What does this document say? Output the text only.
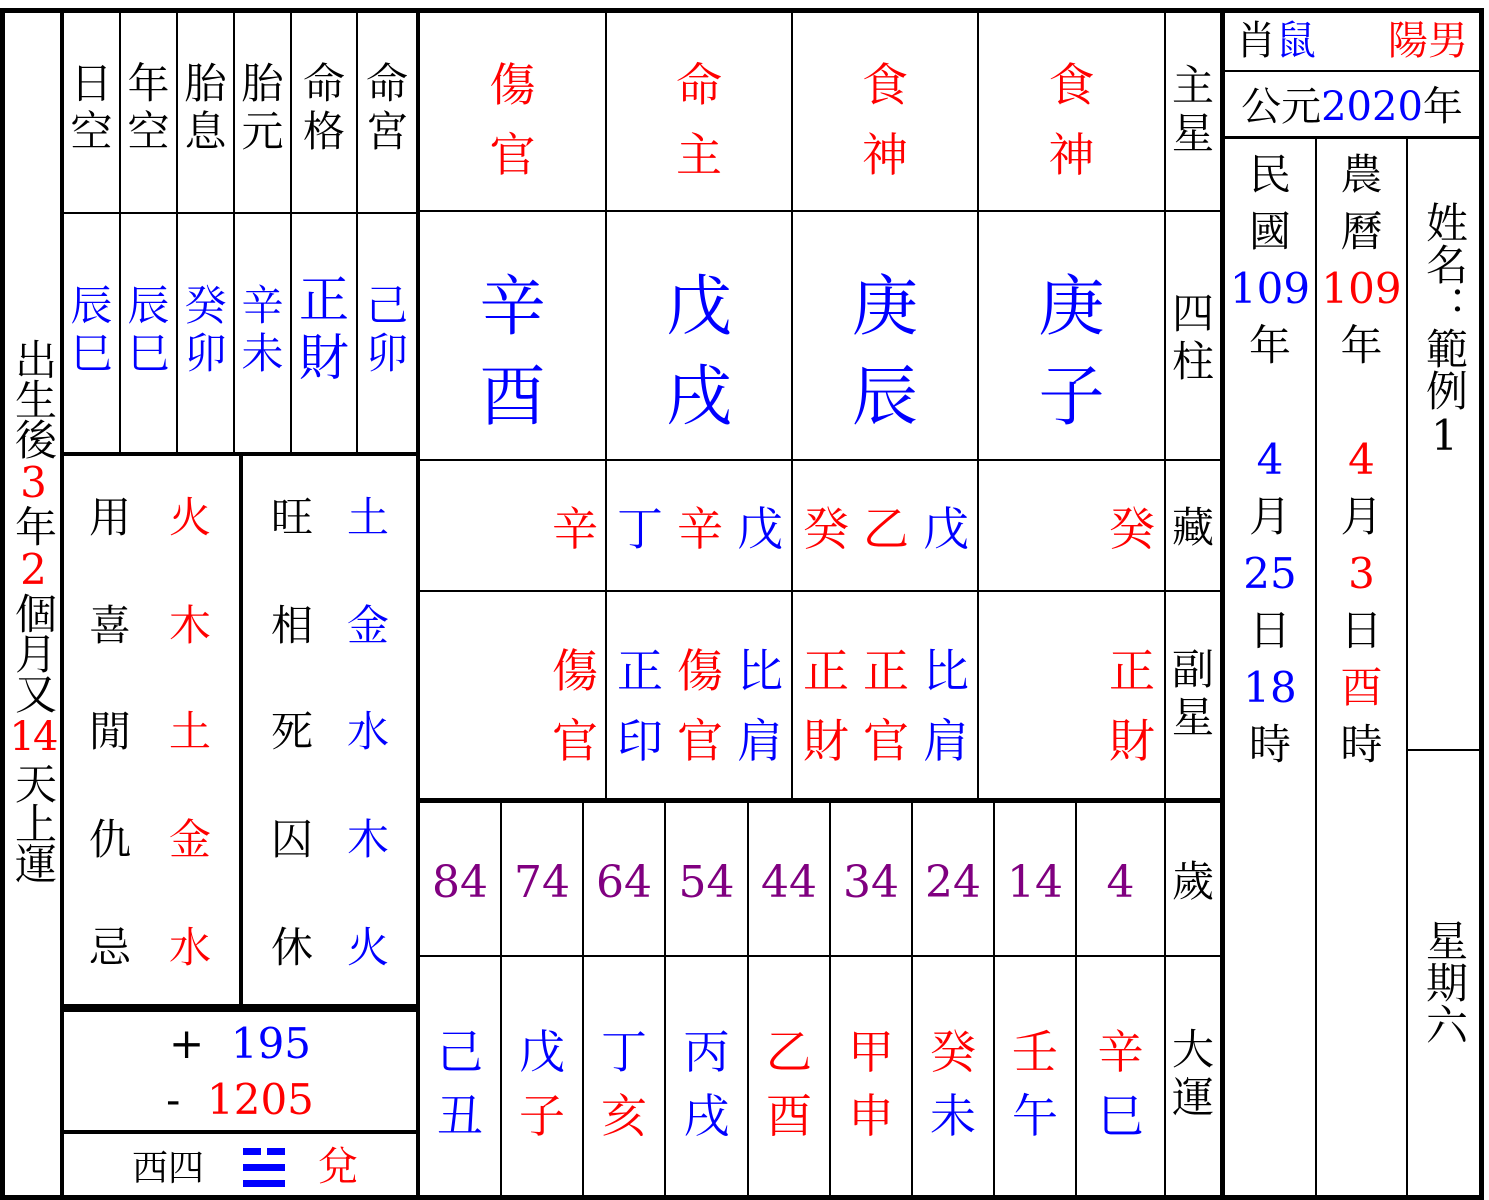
出生後3年2個月又14天上運
日
空
年
空
胎
息
胎
元
命
格
命
宮
辰
巳
辰
巳
癸
卯
辛
未
正
財
己
卯
用 火
喜 木
閒 土
仇 金
忌 水
旺 土
相 金
死 水
囚 木
休 火
+ 195
- 1205
西四	兌
傷
官
命
主
食
神
食
神
辛
酉
戊
戌
庚
辰
庚
子
辛 丁 辛 戊 癸 乙 戊	癸
傷
官
正
印
傷
官
比
肩
正
財
正
官
比
肩
正
財
84 74 64 54 44 34 24 14 4
己
丑
戊
子
丁
亥
丙
戌
乙
酉
甲
申
癸
未
壬
午
辛
巳
主
星
四
柱
藏
副
星
歲
大
運
肖鼠 陽男
公元2020年
民
國
109
年

4
月
25
日
18
時
農
曆
109
年

4
月
3
日
酉
時
姓名：範例1
星期六
